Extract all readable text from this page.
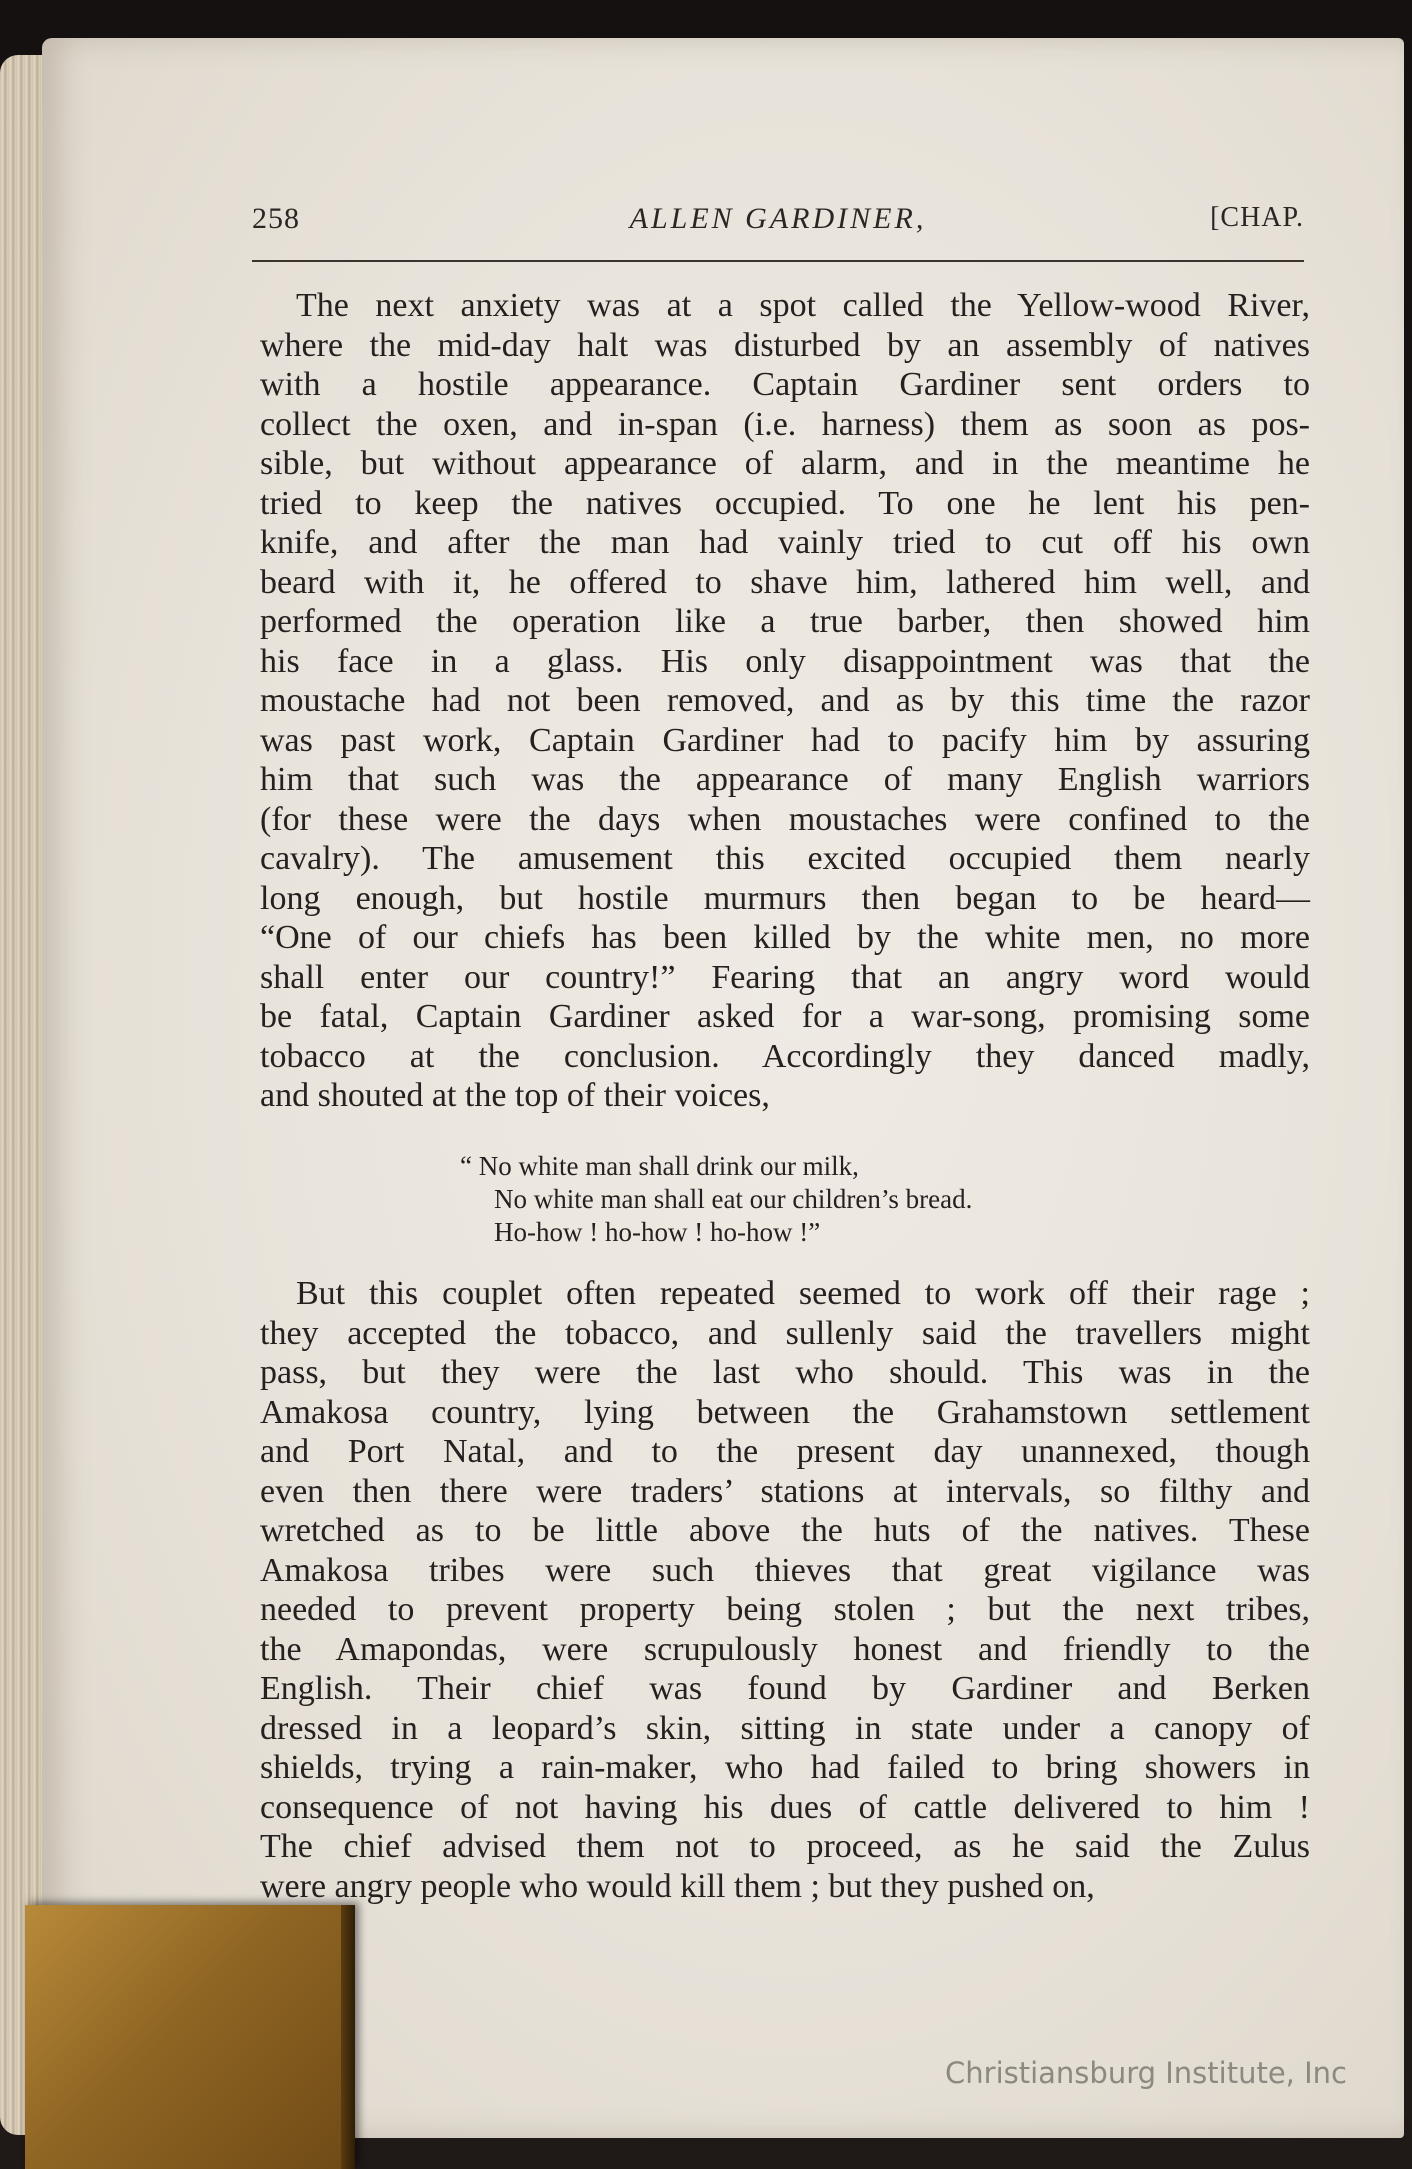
258	ALLEN GARDINER,	[CHAP.
The next anxiety was at a spot called the Yellow-wood River,
where the mid-day halt was disturbed by an assembly of natives
with a hostile appearance. Captain Gardiner sent orders to
collect the oxen, and in-span (i.e. harness) them as soon as pos-
sible, but without appearance of alarm, and in the meantime he
tried to keep the natives occupied. To one he lent his pen-
knife, and after the man had vainly tried to cut off his own
beard with it, he offered to shave him, lathered him well, and
performed the operation like a true barber, then showed him
his face in a glass. His only disappointment was that the
moustache had not been removed, and as by this time the razor
was past work, Captain Gardiner had to pacify him by assuring
him that such was the appearance of many English warriors
(for these were the days when moustaches were confined to the
cavalry). The amusement this excited occupied them nearly
long enough, but hostile murmurs then began to be heard—
“One of our chiefs has been killed by the white men, no more
shall enter our country!” Fearing that an angry word would
be fatal, Captain Gardiner asked for a war-song, promising some
tobacco at the conclusion. Accordingly they danced madly,
and shouted at the top of their voices,
“ No white man shall drink our milk,
No white man shall eat our children’s bread.
Ho-how ! ho-how ! ho-how !”
But this couplet often repeated seemed to work off their rage ;
they accepted the tobacco, and sullenly said the travellers might
pass, but they were the last who should. This was in the
Amakosa country, lying between the Grahamstown settlement
and Port Natal, and to the present day unannexed, though
even then there were traders’ stations at intervals, so filthy and
wretched as to be little above the huts of the natives. These
Amakosa tribes were such thieves that great vigilance was
needed to prevent property being stolen ; but the next tribes,
the Amapondas, were scrupulously honest and friendly to the
English. Their chief was found by Gardiner and Berken
dressed in a leopard’s skin, sitting in state under a canopy of
shields, trying a rain-maker, who had failed to bring showers in
consequence of not having his dues of cattle delivered to him !
The chief advised them not to proceed, as he said the Zulus
were angry people who would kill them ; but they pushed on,
Christiansburg Institute, Inc
